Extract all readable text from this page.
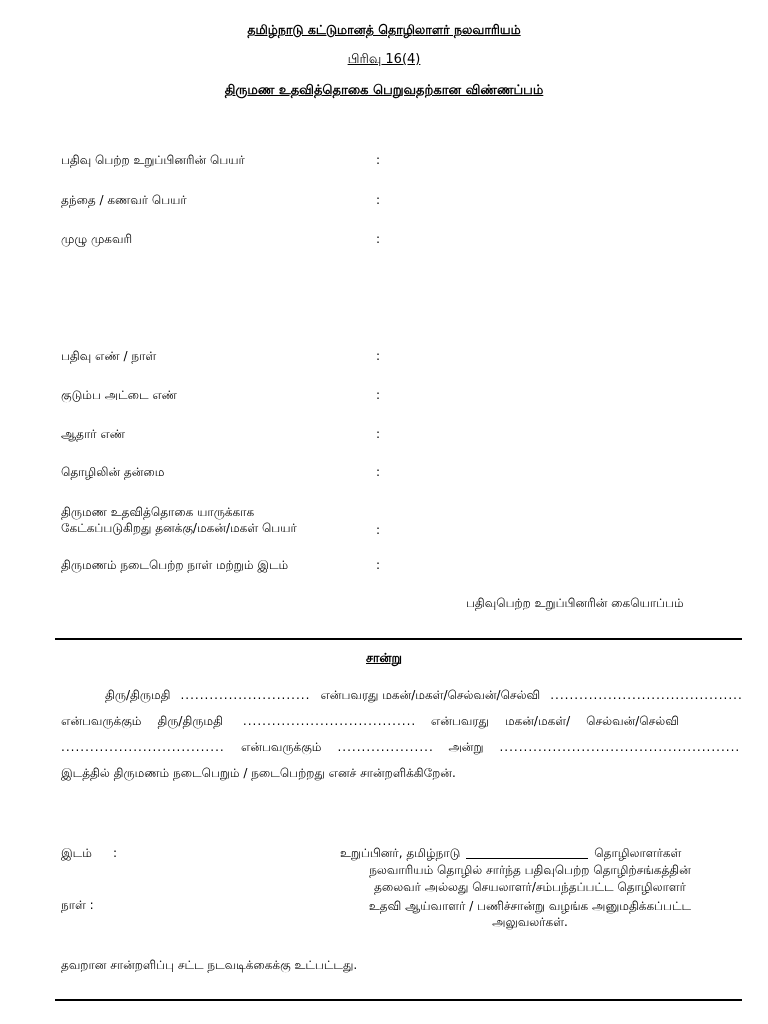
தமிழ்நாடு கட்டுமானத் தொழிலாளர் நலவாரியம்
பிரிவு 16(4)
திருமண உதவித்தொகை பெறுவதற்கான விண்ணப்பம்
பதிவு பெற்ற உறுப்பினரின் பெயர்	:
தந்தை / கணவர் பெயர்	:
முழு முகவரி	:
பதிவு எண் / நாள்	:
குடும்ப அட்டை எண்	:
ஆதார் எண்	:
தொழிலின் தன்மை	:
திருமண உதவித்தொகை யாருக்காக
கேட்கப்படுகிறது தனக்கு/மகன்/மகள் பெயர்	:
திருமணம் நடைபெற்ற நாள் மற்றும் இடம்	:
பதிவுபெற்ற உறுப்பினரின் கையொப்பம்
சான்று
திரு/திருமதி .....	என்பவரது மகன்/மகள்/செல்வன்/செல்வி
.....
என்பவருக்கும் திரு/திருமதி .....	என்பவரது மகன்/மகள்/ செல்வன்/செல்வி
.....
என்பவருக்கும் .....	அன்று
.....
இடத்தில் திருமணம் நடைபெறும் / நடைபெற்றது எனச் சான்றளிக்கிறேன்.
இடம் :
நாள் :
உறுப்பினர், தமிழ்நாடு	தொழிலாளர்கள்
நலவாரியம் தொழில் சார்ந்த பதிவுபெற்ற தொழிற்சங்கத்தின்
தலைவர் அல்லது செயலாளர்/சம்பந்தப்பட்ட தொழிலாளர்
உதவி ஆய்வாளர் / பணிச்சான்று வழங்க அனுமதிக்கப்பட்ட
அலுவலர்கள்.
தவறான சான்றளிப்பு சட்ட நடவடிக்கைக்கு உட்பட்டது.
